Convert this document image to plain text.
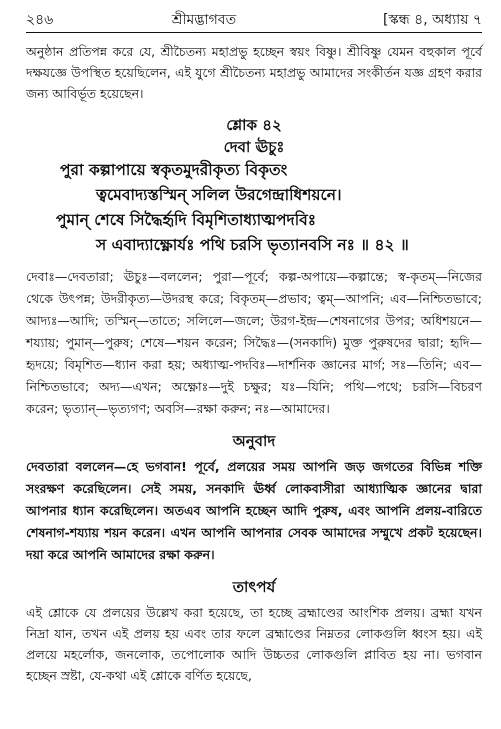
২৪৬	শ্রীমদ্ভাগবত	[স্কন্ধ ৪, অধ্যায় ৭

অনুষ্ঠান প্রতিপন্ন করে যে, শ্রীচৈতন্য মহাপ্রভু হচ্ছেন স্বয়ং বিষ্ণু। শ্রীবিষ্ণু যেমন বহুকাল পূর্বে দক্ষযজ্ঞে উপস্থিত হয়েছিলেন, এই যুগে শ্রীচৈতন্য মহাপ্রভু আমাদের সংকীর্তন যজ্ঞ গ্রহণ করার জন্য আবির্ভূত হয়েছেন।

শ্লোক ৪২
দেবা ঊচুঃ
পুরা কল্পাপায়ে স্বকৃতমুদরীকৃত্য বিকৃতং
ত্বমেবাদ্যস্তস্মিন্ সলিল উরগেন্দ্রাধিশয়নে।
পুমান্ শেষে সিদ্ধৈর্হৃদি বিমৃশিতাধ্যাত্মপদবিঃ
স এবাদ্যাক্ষ্ণোর্যঃ পথি চরসি ভৃত্যানবসি নঃ ॥ ৪২ ॥

দেবাঃ—দেবতারা; ঊচুঃ—বললেন; পুরা—পূর্বে; কল্প-অপায়ে—কল্পান্তে; স্ব-কৃতম্—নিজের থেকে উৎপন্ন; উদরীকৃত্য—উদরস্থ করে; বিকৃতম্—প্রভাব; ত্বম্—আপনি; এব—নিশ্চিতভাবে; আদ্যঃ—আদি; তস্মিন্—তাতে; সলিলে—জলে; উরগ-ইন্দ্র—শেষনাগের উপর; অধিশয়নে—শয্যায়; পুমান্—পুরুষ; শেষে—শয়ন করেন; সিদ্ধৈঃ—(সনকাদি) মুক্ত পুরুষদের দ্বারা; হৃদি—হৃদয়ে; বিমৃশিত—ধ্যান করা হয়; অধ্যাত্ম-পদবিঃ—দার্শনিক জ্ঞানের মার্গ; সঃ—তিনি; এব—নিশ্চিতভাবে; অদ্য—এখন; অক্ষ্ণোঃ—দুই চক্ষুর; যঃ—যিনি; পথি—পথে; চরসি—বিচরণ করেন; ভৃত্যান্—ভৃত্যগণ; অবসি—রক্ষা করুন; নঃ—আমাদের।

অনুবাদ

দেবতারা বললেন—হে ভগবান! পূর্বে, প্রলয়ের সময় আপনি জড় জগতের বিভিন্ন শক্তি সংরক্ষণ করেছিলেন। সেই সময়, সনকাদি ঊর্ধ্ব লোকবাসীরা আধ্যাত্মিক জ্ঞানের দ্বারা আপনার ধ্যান করেছিলেন। অতএব আপনি হচ্ছেন আদি পুরুষ, এবং আপনি প্রলয়-বারিতে শেষনাগ-শয্যায় শয়ন করেন। এখন আপনি আপনার সেবক আমাদের সম্মুখে প্রকট হয়েছেন। দয়া করে আপনি আমাদের রক্ষা করুন।

তাৎপর্য

এই শ্লোকে যে প্রলয়ের উল্লেখ করা হয়েছে, তা হচ্ছে ব্রহ্মাণ্ডের আংশিক প্রলয়। ব্রহ্মা যখন নিদ্রা যান, তখন এই প্রলয় হয় এবং তার ফলে ব্রহ্মাণ্ডের নিম্নতর লোকগুলি ধ্বংস হয়। এই প্রলয়ে মহর্লোক, জনলোক, তপোলোক আদি উচ্চতর লোকগুলি প্লাবিত হয় না। ভগবান হচ্ছেন স্রষ্টা, যে-কথা এই শ্লোকে বর্ণিত হয়েছে,
